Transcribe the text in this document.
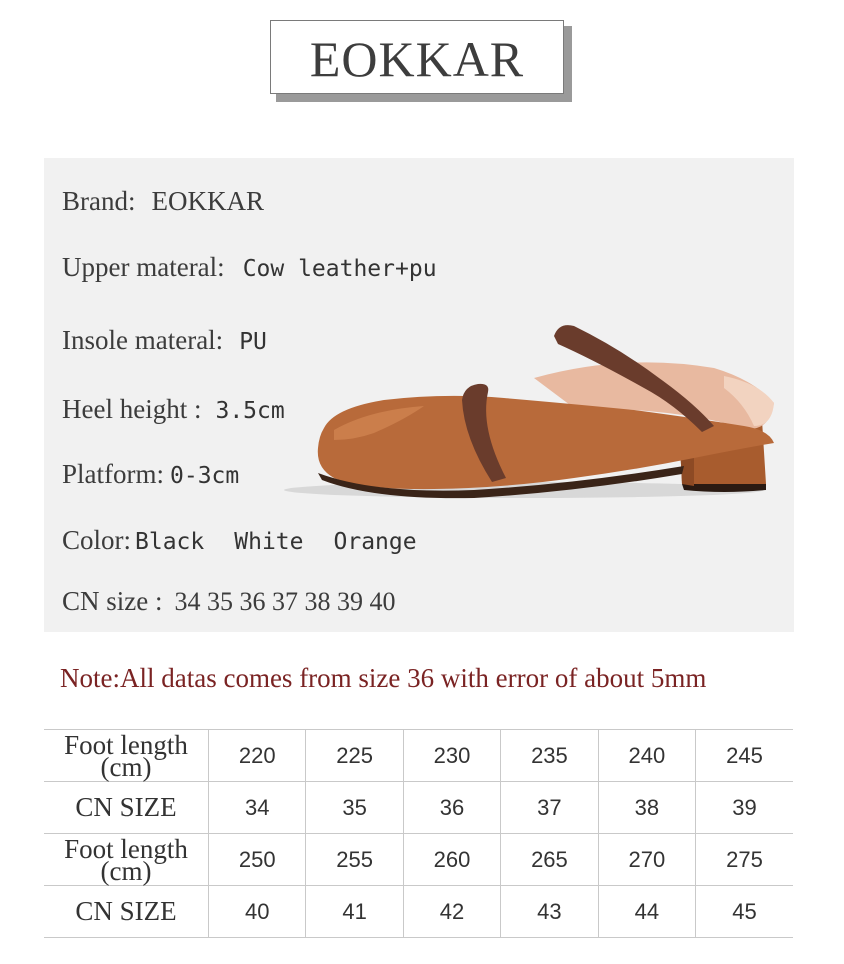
EOKKAR
Brand: EOKKAR
Upper materal: Cow leather+pu
Insole materal: PU
Heel height : 3.5cm
Platform: 0-3cm
Color: Black White Orange
CN size : 34 35 36 37 38 39 40
Note:All datas comes from size 36 with error of about 5mm
Foot length
(cm)	220	225	230	235	240	245
CN SIZE	34	35	36	37	38	39

Foot length
(cm)	250	255	260	265	270	275
CN SIZE	40	41	42	43	44	45
